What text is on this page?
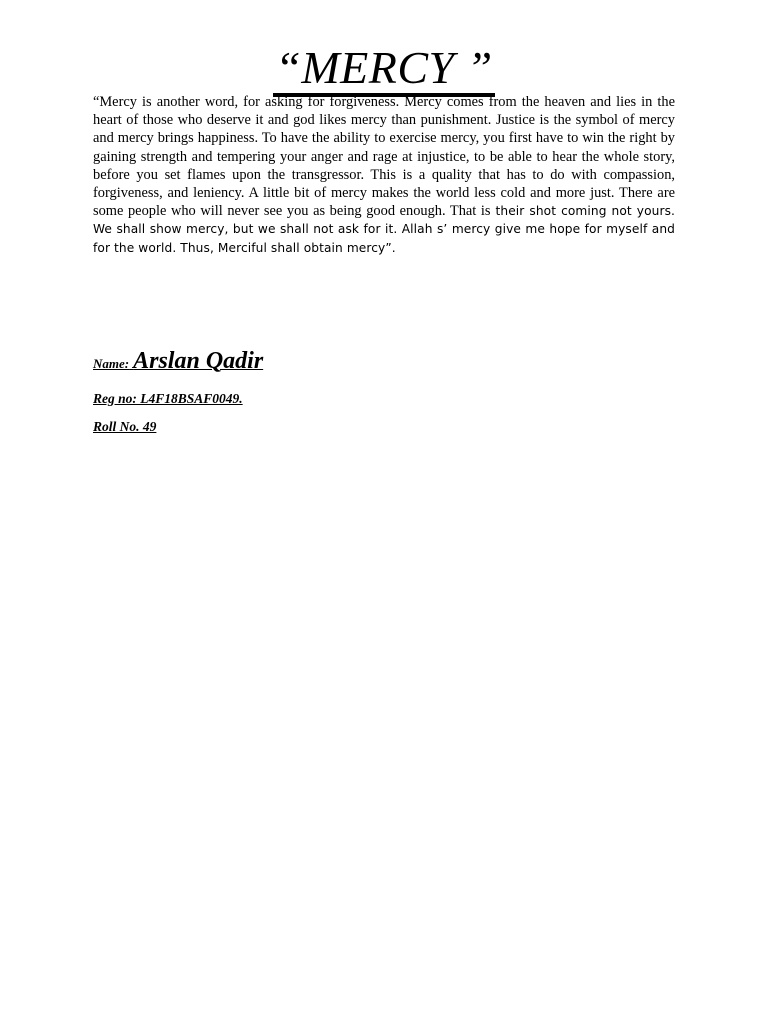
“MERCY ”

“Mercy is another word, for asking for forgiveness. Mercy comes from the heaven and lies in the heart of those who deserve it and god likes mercy than punishment. Justice is the symbol of mercy and mercy brings happiness. To have the ability to exercise mercy, you first have to win the right by gaining strength and tempering your anger and rage at injustice, to be able to hear the whole story, before you set flames upon the transgressor. This is a quality that has to do with compassion, forgiveness, and leniency. A little bit of mercy makes the world less cold and more just. There are some people who will never see you as being good enough. That is their shot coming not yours. We shall show mercy, but we shall not ask for it. Allah s’ mercy give me hope for myself and for the world. Thus, Merciful shall obtain mercy”.

Name: Arslan Qadir
Reg no: L4F18BSAF0049.
Roll No. 49
